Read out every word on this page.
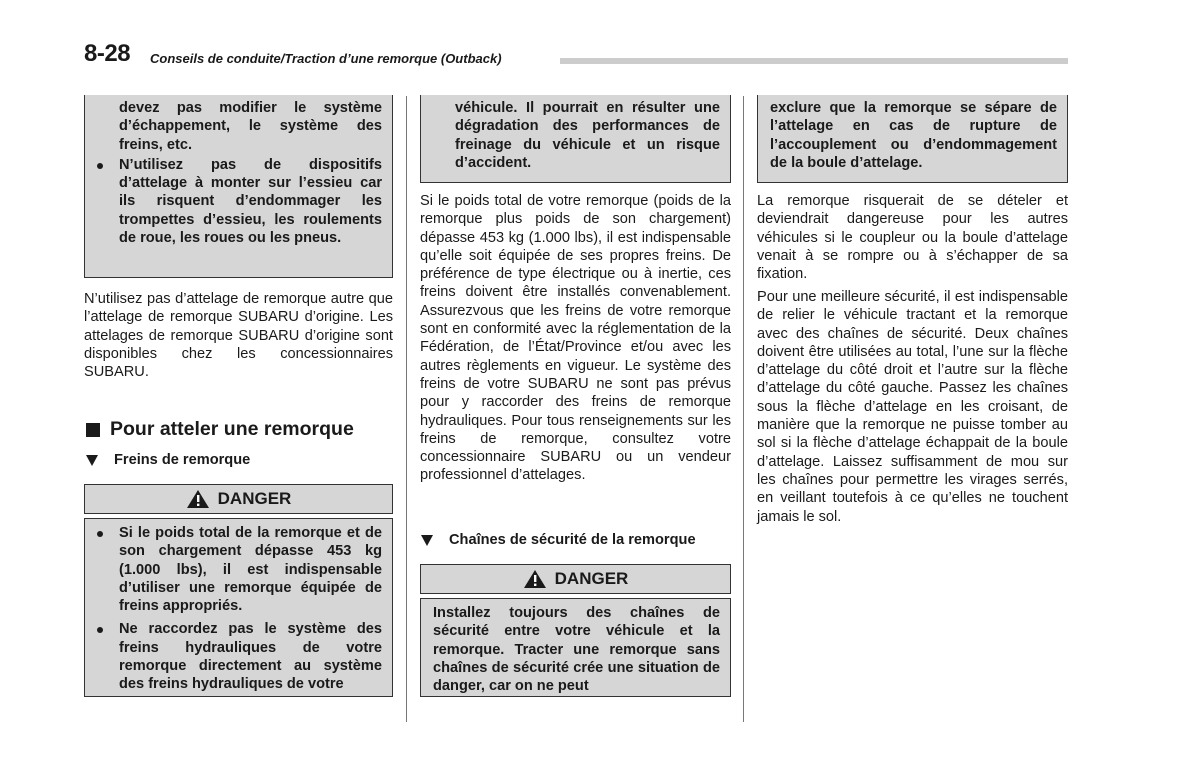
8-28 Conseils de conduite/Traction d’une remorque (Outback)
devez pas modifier le système d’échappement, le système des freins, etc.
N’utilisez pas de dispositifs d’attelage à monter sur l’essieu car ils risquent d’endommager les trompettes d’essieu, les roulements de roue, les roues ou les pneus.

N’utilisez pas d’attelage de remorque autre que l’attelage de remorque SUBARU d’origine. Les attelages de remorque SUBARU d’origine sont disponibles chez les concessionnaires SUBARU.

Pour atteler une remorque
Freins de remorque
DANGER
Si le poids total de la remorque et de son chargement dépasse 453 kg (1.000 lbs), il est indispensable d’utiliser une remorque équipée de freins appropriés.
Ne raccordez pas le système des freins hydrauliques de votre remorque directement au système des freins hydrauliques de votre
véhicule. Il pourrait en résulter une dégradation des performances de freinage du véhicule et un risque d’accident.

Si le poids total de votre remorque (poids de la remorque plus poids de son chargement) dépasse 453 kg (1.000 lbs), il est indispensable qu’elle soit équipée de ses propres freins. De préférence de type électrique ou à inertie, ces freins doivent être installés convenablement. Assurezvous que les freins de votre remorque sont en conformité avec la réglementation de la Fédération, de l’État/Province et/ou avec les autres règlements en vigueur. Le système des freins de votre SUBARU ne sont pas prévus pour y raccorder des freins de remorque hydrauliques. Pour tous renseignements sur les freins de remorque, consultez votre concessionnaire SUBARU ou un vendeur professionnel d’attelages.

Chaînes de sécurité de la remorque
DANGER
Installez toujours des chaînes de sécurité entre votre véhicule et la remorque. Tracter une remorque sans chaînes de sécurité crée une situation de danger, car on ne peut
exclure que la remorque se sépare de l’attelage en cas de rupture de l’accouplement ou d’endommagement de la boule d’attelage.

La remorque risquerait de se dételer et deviendrait dangereuse pour les autres véhicules si le coupleur ou la boule d’attelage venait à se rompre ou à s’échapper de sa fixation.

Pour une meilleure sécurité, il est indispensable de relier le véhicule tractant et la remorque avec des chaînes de sécurité. Deux chaînes doivent être utilisées au total, l’une sur la flèche d’attelage du côté droit et l’autre sur la flèche d’attelage du côté gauche. Passez les chaînes sous la flèche d’attelage en les croisant, de manière que la remorque ne puisse tomber au sol si la flèche d’attelage échappait de la boule d’attelage. Laissez suffisamment de mou sur les chaînes pour permettre les virages serrés, en veillant toutefois à ce qu’elles ne touchent jamais le sol.
